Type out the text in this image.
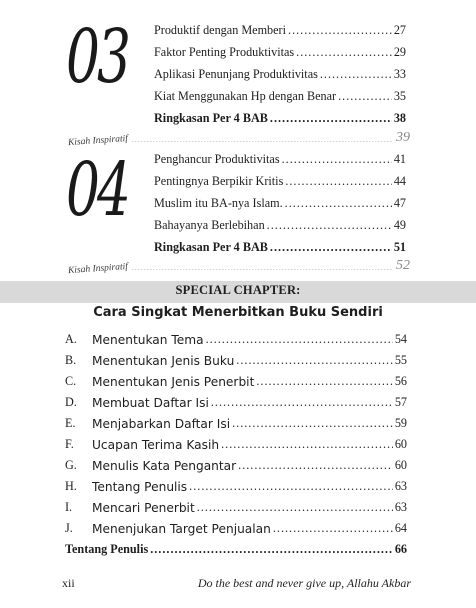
03 Produktif dengan Memberi .....	27
Faktor Penting Produktivitas .....	29
Aplikasi Penunjang Produktivitas .....	33
Kiat Menggunakan Hp dengan Benar .....	35
Ringkasan Per 4 BAB .....	38
Kisah Inspiratif .....	39
04 Penghancur Produktivitas .....	41
Pentingnya Berpikir Kritis .....	44
Muslim itu BA-nya Islam. .....	47
Bahayanya Berlebihan .....	49
Ringkasan Per 4 BAB .....	51
Kisah Inspiratif .....	52
SPECIAL CHAPTER:
Cara Singkat Menerbitkan Buku Sendiri
A.	Menentukan Tema .....	54
B.	Menentukan Jenis Buku .....	55
C.	Menentukan Jenis Penerbit .....	56
D.	Membuat Daftar Isi .....	57
E.	Menjabarkan Daftar Isi .....	59
F.	Ucapan Terima Kasih .....	60
G.	Menulis Kata Pengantar .....	60
H.	Tentang Penulis .....	63
I.	Mencari Penerbit .....	63
J.	Menenjukan Target Penjualan .....	64
Tentang Penulis .....	66
xii	Do the best and never give up, Allahu Akbar
